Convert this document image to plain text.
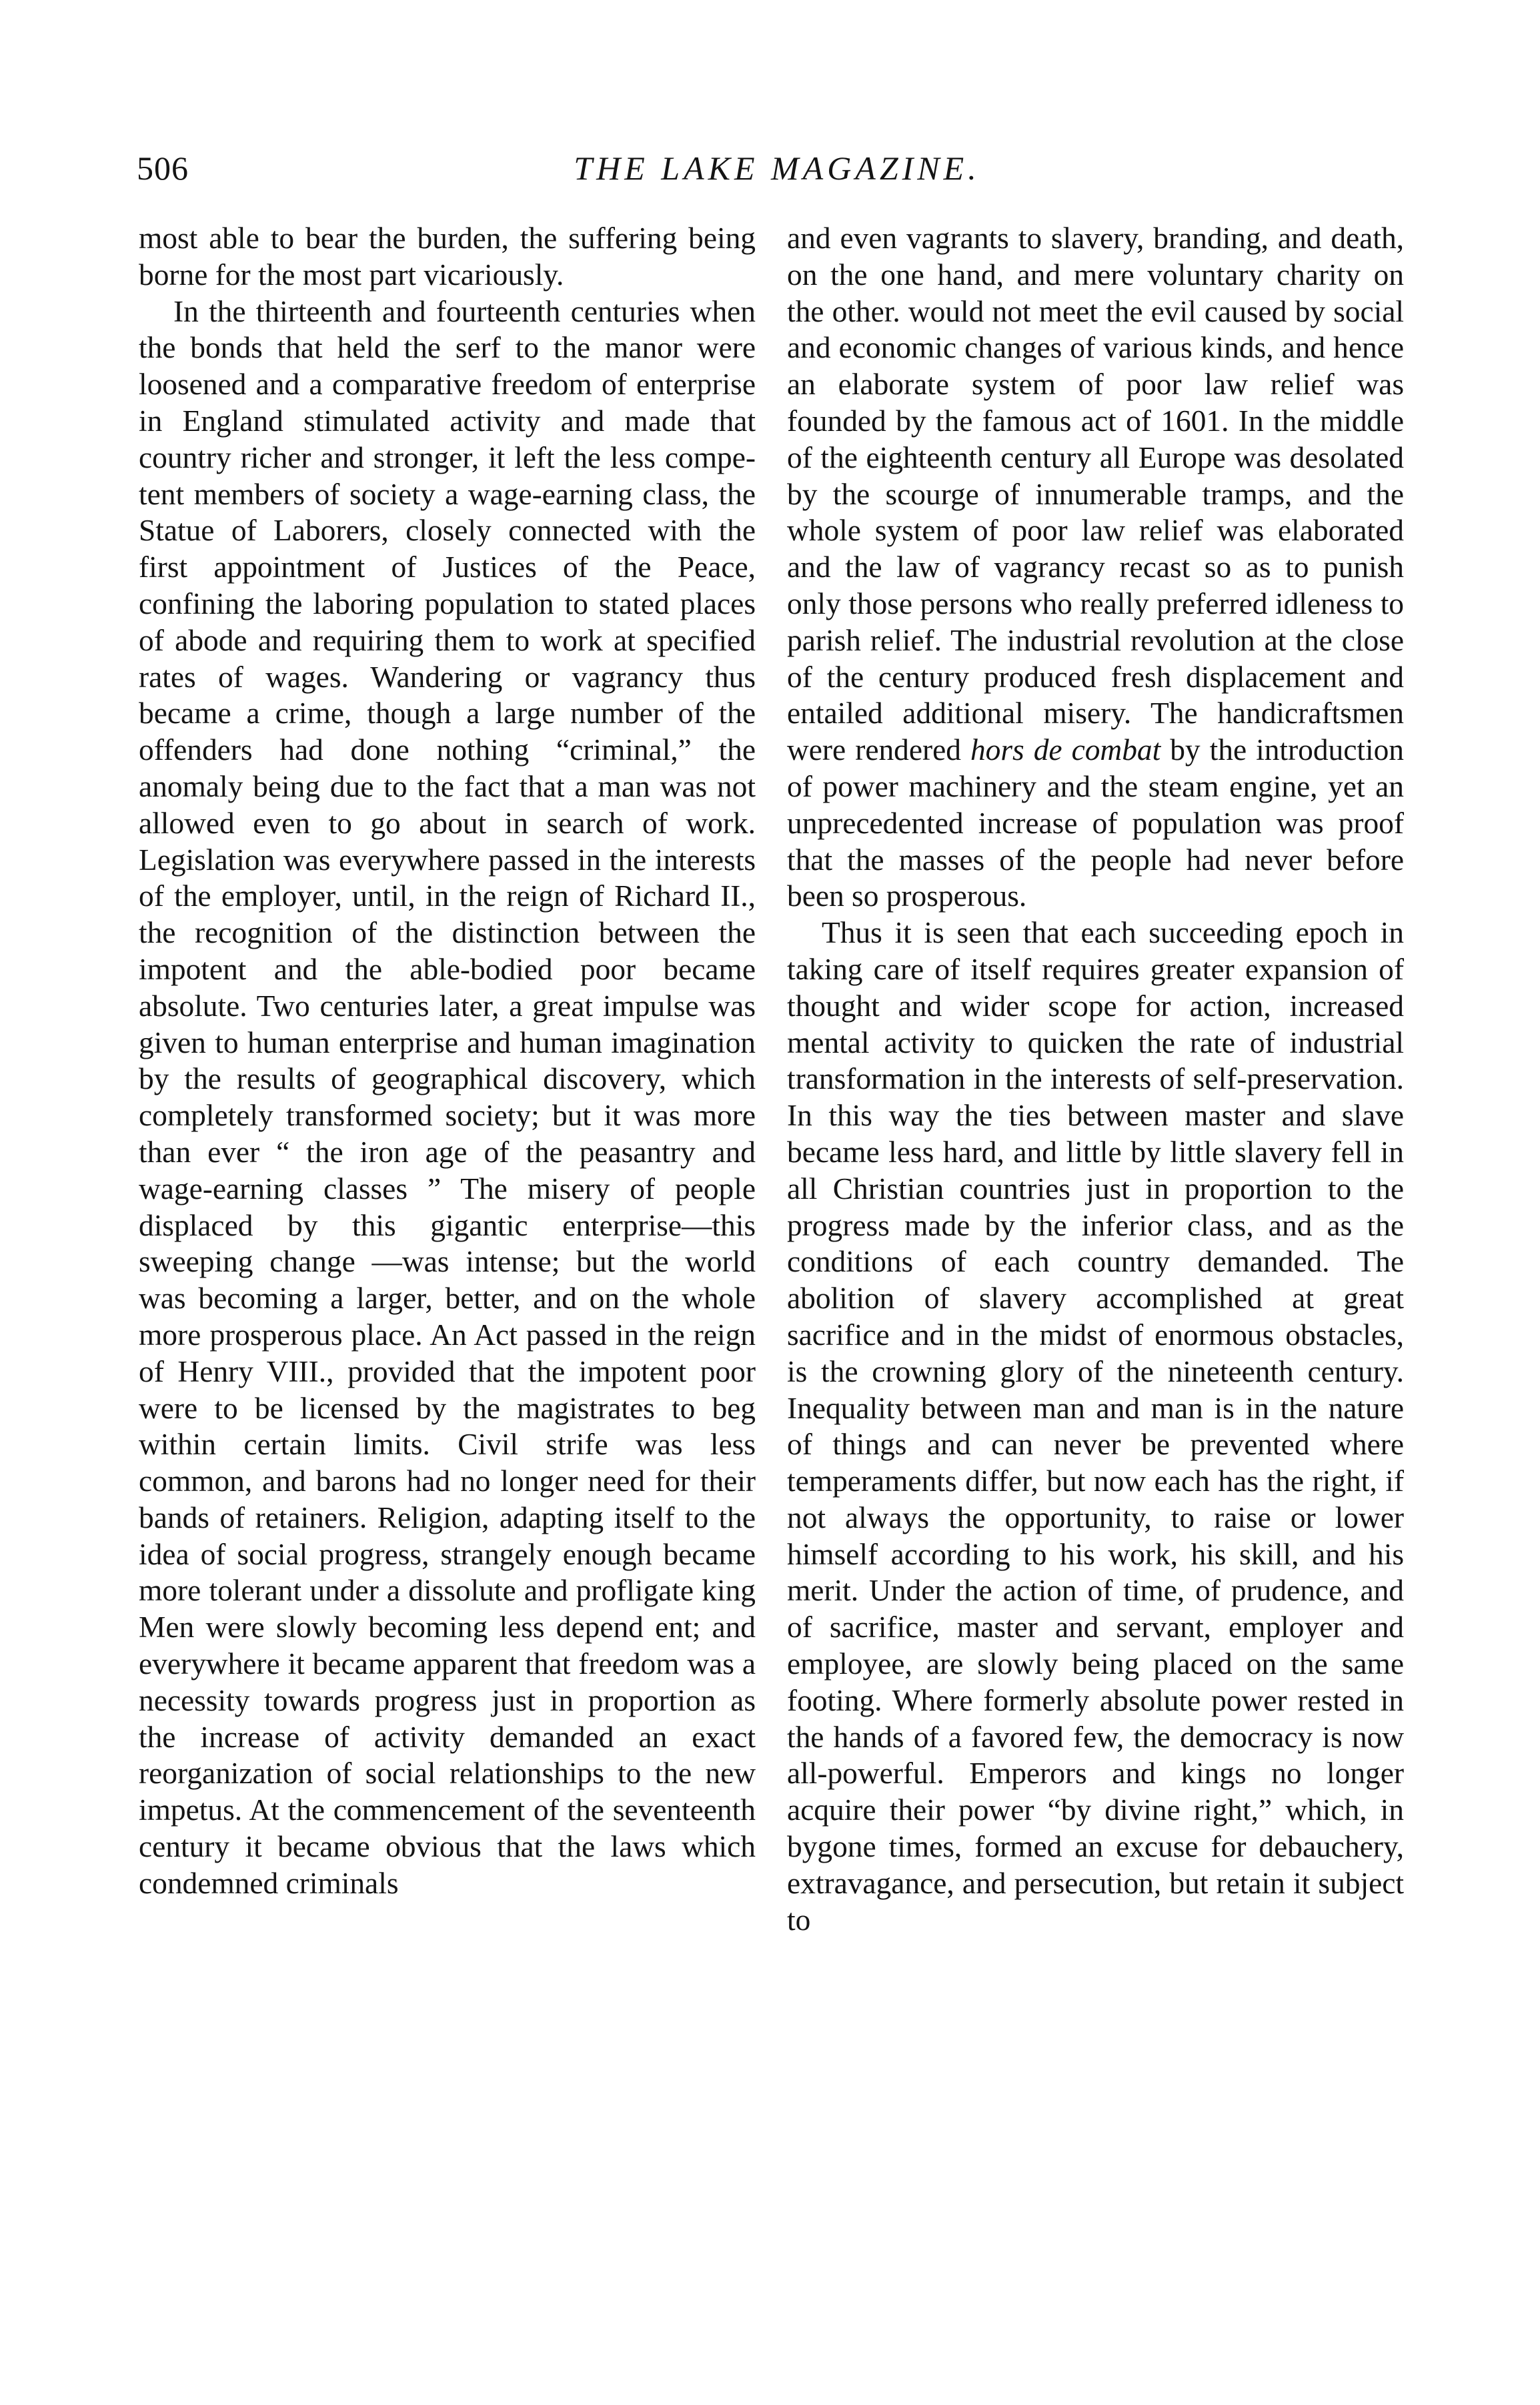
506	THE LAKE MAGAZINE.

most able to bear the burden, the suffering being borne for the most part vicariously.

In the thirteenth and fourteenth centuries when the bonds that held the serf to the manor were loosened and a comparative freedom of enterprise in England stimulated activity and made that country richer and stronger, it left the less competent members of society a wage-earning class, the Statue of Laborers, closely connected with the first appointment of Justices of the Peace, confining the laboring population to stated places of abode and requiring them to work at specified rates of wages. Wandering or vagrancy thus became a crime, though a large number of the offenders had done nothing “criminal,” the anomaly being due to the fact that a man was not allowed even to go about in search of work. Legislation was everywhere passed in the interests of the employer, until, in the reign of Richard II., the recognition of the distinction between the impotent and the able-bodied poor became absolute. Two centuries later, a great impulse was given to human enterprise and human imagination by the results of geographical discovery, which completely transformed society; but it was more than ever “ the iron age of the peasantry and wage-earning classes ” The misery of people displaced by this gigantic enterprise—this sweeping change —was intense; but the world was becoming a larger, better, and on the whole more prosperous place. An Act passed in the reign of Henry VIII., provided that the impotent poor were to be licensed by the magistrates to beg within certain limits. Civil strife was less common, and barons had no longer need for their bands of retainers. Religion, adapting itself to the idea of social progress, strangely enough became more tolerant under a dissolute and profligate king Men were slowly becoming less depend ent; and everywhere it became apparent that freedom was a necessity towards progress just in proportion as the increase of activity demanded an exact reorganization of social relationships to the new impetus. At the commencement of the seventeenth century it became obvious that the laws which condemned criminals

and even vagrants to slavery, branding, and death, on the one hand, and mere voluntary charity on the other. would not meet the evil caused by social and economic changes of various kinds, and hence an elaborate system of poor law relief was founded by the famous act of 1601. In the middle of the eighteenth century all Europe was desolated by the scourge of innumerable tramps, and the whole system of poor law relief was elaborated and the law of vagrancy recast so as to punish only those persons who really preferred idleness to parish relief. The industrial revolution at the close of the century produced fresh displacement and entailed additional misery. The handicraftsmen were rendered hors de combat by the introduction of power machinery and the steam engine, yet an unprecedented increase of population was proof that the masses of the people had never before been so prosperous.

Thus it is seen that each succeeding epoch in taking care of itself requires greater expansion of thought and wider scope for action, increased mental activity to quicken the rate of industrial transformation in the interests of self-preservation. In this way the ties between master and slave became less hard, and little by little slavery fell in all Christian countries just in proportion to the progress made by the inferior class, and as the conditions of each country demanded. The abolition of slavery accomplished at great sacrifice and in the midst of enormous obstacles, is the crowning glory of the nineteenth century. Inequality between man and man is in the nature of things and can never be prevented where temperaments differ, but now each has the right, if not always the opportunity, to raise or lower himself according to his work, his skill, and his merit. Under the action of time, of prudence, and of sacrifice, master and servant, employer and employee, are slowly being placed on the same footing. Where formerly absolute power rested in the hands of a favored few, the democracy is now all-powerful. Emperors and kings no longer acquire their power “by divine right,” which, in bygone times, formed an excuse for debauchery, extravagance, and persecution, but retain it subject to
